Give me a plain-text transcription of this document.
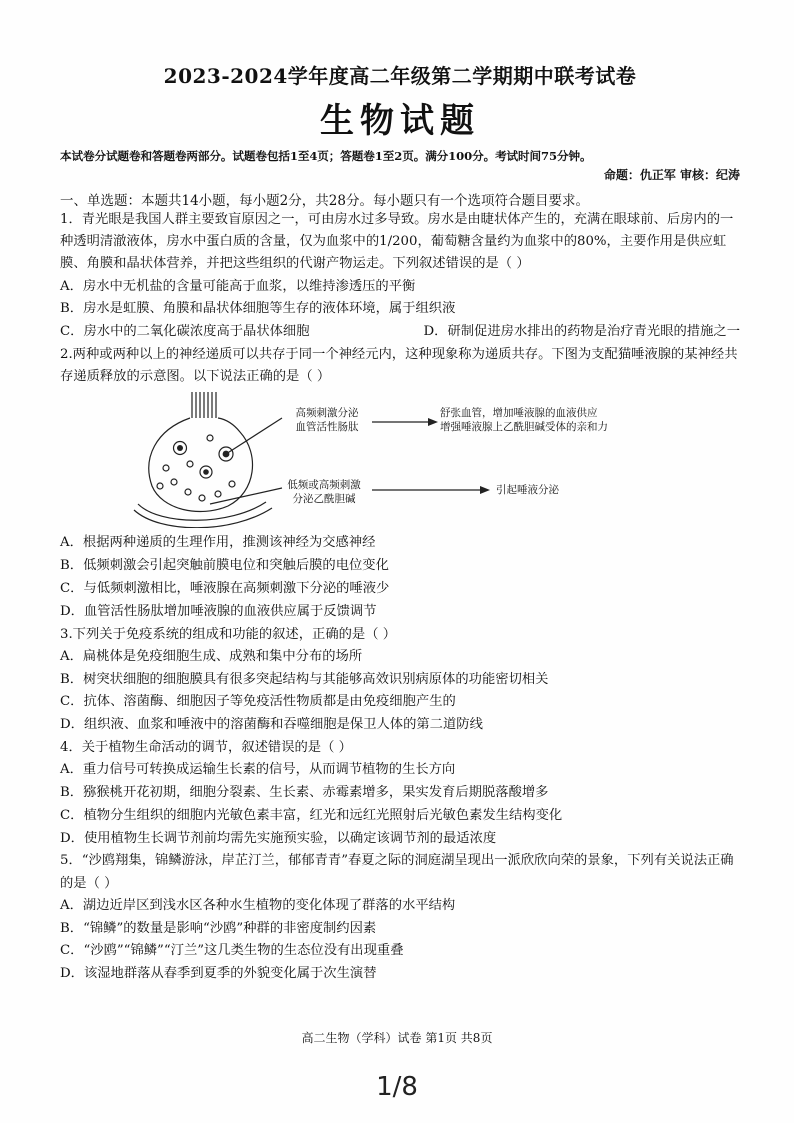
2023-2024学年度高二年级第二学期期中联考试卷
生物试题
本试卷分试题卷和答题卷两部分。试题卷包括1至4页；答题卷1至2页。满分100分。考试时间75分钟。
命题：仇正军 审核：纪涛
一、单选题：本题共14小题，每小题2分，共28分。每小题只有一个选项符合题目要求。

1．青光眼是我国人群主要致盲原因之一，可由房水过多导致。房水是由睫状体产生的，充满在眼球前、后房内的一种透明清澈液体，房水中蛋白质的含量，仅为血浆中的1/200，葡萄糖含量约为血浆中的80%，主要作用是供应虹膜、角膜和晶状体营养，并把这些组织的代谢产物运走。下列叙述错误的是（ ）

A．房水中无机盐的含量可能高于血浆，以维持渗透压的平衡

B．房水是虹膜、角膜和晶状体细胞等生存的液体环境，属于组织液

C．房水中的二氧化碳浓度高于晶状体细胞	D．研制促进房水排出的药物是治疗青光眼的措施之一

2.两种或两种以上的神经递质可以共存于同一个神经元内，这种现象称为递质共存。下图为支配猫唾液腺的某神经共存递质释放的示意图。以下说法正确的是（ ）

高频刺激分泌
血管活性肠肽
舒张血管，增加唾液腺的血液供应
增强唾液腺上乙酰胆碱受体的亲和力
低频或高频刺激
分泌乙酰胆碱
引起唾液分泌

A．根据两种递质的生理作用，推测该神经为交感神经

B．低频刺激会引起突触前膜电位和突触后膜的电位变化

C．与低频刺激相比，唾液腺在高频刺激下分泌的唾液少

D．血管活性肠肽增加唾液腺的血液供应属于反馈调节

3.下列关于免疫系统的组成和功能的叙述，正确的是（ ）

A．扁桃体是免疫细胞生成、成熟和集中分布的场所

B．树突状细胞的细胞膜具有很多突起结构与其能够高效识别病原体的功能密切相关

C．抗体、溶菌酶、细胞因子等免疫活性物质都是由免疫细胞产生的

D．组织液、血浆和唾液中的溶菌酶和吞噬细胞是保卫人体的第二道防线

4．关于植物生命活动的调节，叙述错误的是（ ）

A．重力信号可转换成运输生长素的信号，从而调节植物的生长方向

B．猕猴桃开花初期，细胞分裂素、生长素、赤霉素增多，果实发育后期脱落酸增多

C．植物分生组织的细胞内光敏色素丰富，红光和远红光照射后光敏色素发生结构变化

D．使用植物生长调节剂前均需先实施预实验，以确定该调节剂的最适浓度

5．“沙鸥翔集，锦鳞游泳，岸芷汀兰，郁郁青青”春夏之际的洞庭湖呈现出一派欣欣向荣的景象，下列有关说法正确的是（ ）

A．湖边近岸区到浅水区各种水生植物的变化体现了群落的水平结构

B．“锦鳞”的数量是影响“沙鸥”种群的非密度制约因素

C．“沙鸥”“锦鳞”“汀兰”这几类生物的生态位没有出现重叠

D．该湿地群落从春季到夏季的外貌变化属于次生演替

高二生物（学科）试卷 第1页 共8页
1/8
